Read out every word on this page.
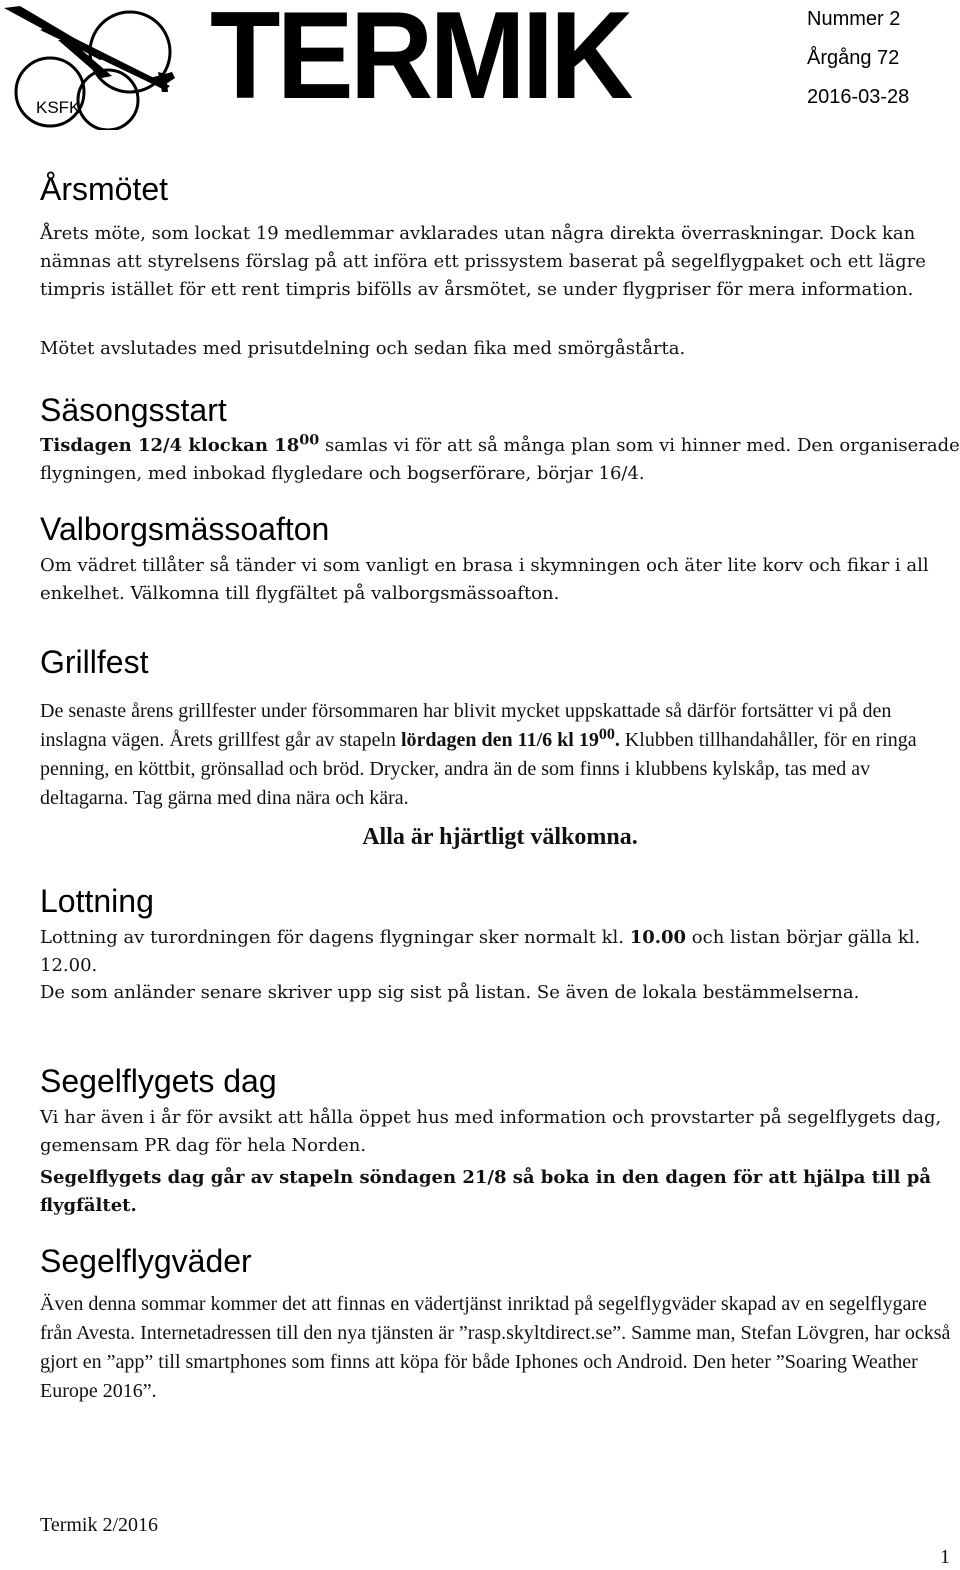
KSFK TERMIK	Nummer 2
Årgång 72
2016-03-28
Årsmötet

Årets möte, som lockat 19 medlemmar avklarades utan några direkta överraskningar. Dock kan nämnas att styrelsens förslag på att införa ett prissystem baserat på segelflygpaket och ett lägre timpris istället för ett rent timpris bifölls av årsmötet, se under flygpriser för mera information.

Mötet avslutades med prisutdelning och sedan fika med smörgåstårta.

Säsongsstart

Tisdagen 12/4 klockan $18^{00}$ samlas vi för att så många plan som vi hinner med. Den organiserade flygningen, med inbokad flygledare och bogserförare, börjar 16/4.

Valborgsmässoafton

Om vädret tillåter så tänder vi som vanligt en brasa i skymningen och äter lite korv och fikar i all enkelhet. Välkomna till flygfältet på valborgsmässoafton.

Grillfest

De senaste årens grillfester under försommaren har blivit mycket uppskattade så därför fortsätter vi på den inslagna vägen. Årets grillfest går av stapeln lördagen den 11/6 kl $19^{00}$. Klubben tillhandahåller, för en ringa penning, en köttbit, grönsallad och bröd. Drycker, andra än de som finns i klubbens kylskåp, tas med av deltagarna. Tag gärna med dina nära och kära.

Alla är hjärtligt välkomna.
Lottning

Lottning av turordningen för dagens flygningar sker normalt kl. 10.00 och listan börjar gälla kl. 12.00.

De som anländer senare skriver upp sig sist på listan. Se även de lokala bestämmelserna.

Segelflygets dag

Vi har även i år för avsikt att hålla öppet hus med information och provstarter på segelflygets dag, gemensam PR dag för hela Norden.

Segelflygets dag går av stapeln söndagen 21/8 så boka in den dagen för att hjälpa till på flygfältet.

Segelflygväder

Även denna sommar kommer det att finnas en vädertjänst inriktad på segelflygväder skapad av en segelflygare från Avesta. Internetadressen till den nya tjänsten är ”rasp.skyltdirect.se”. Samme man, Stefan Lövgren, har också gjort en ”app” till smartphones som finns att köpa för både Iphones och Android. Den heter ”Soaring Weather Europe 2016”.

Termik 2/2016
1
